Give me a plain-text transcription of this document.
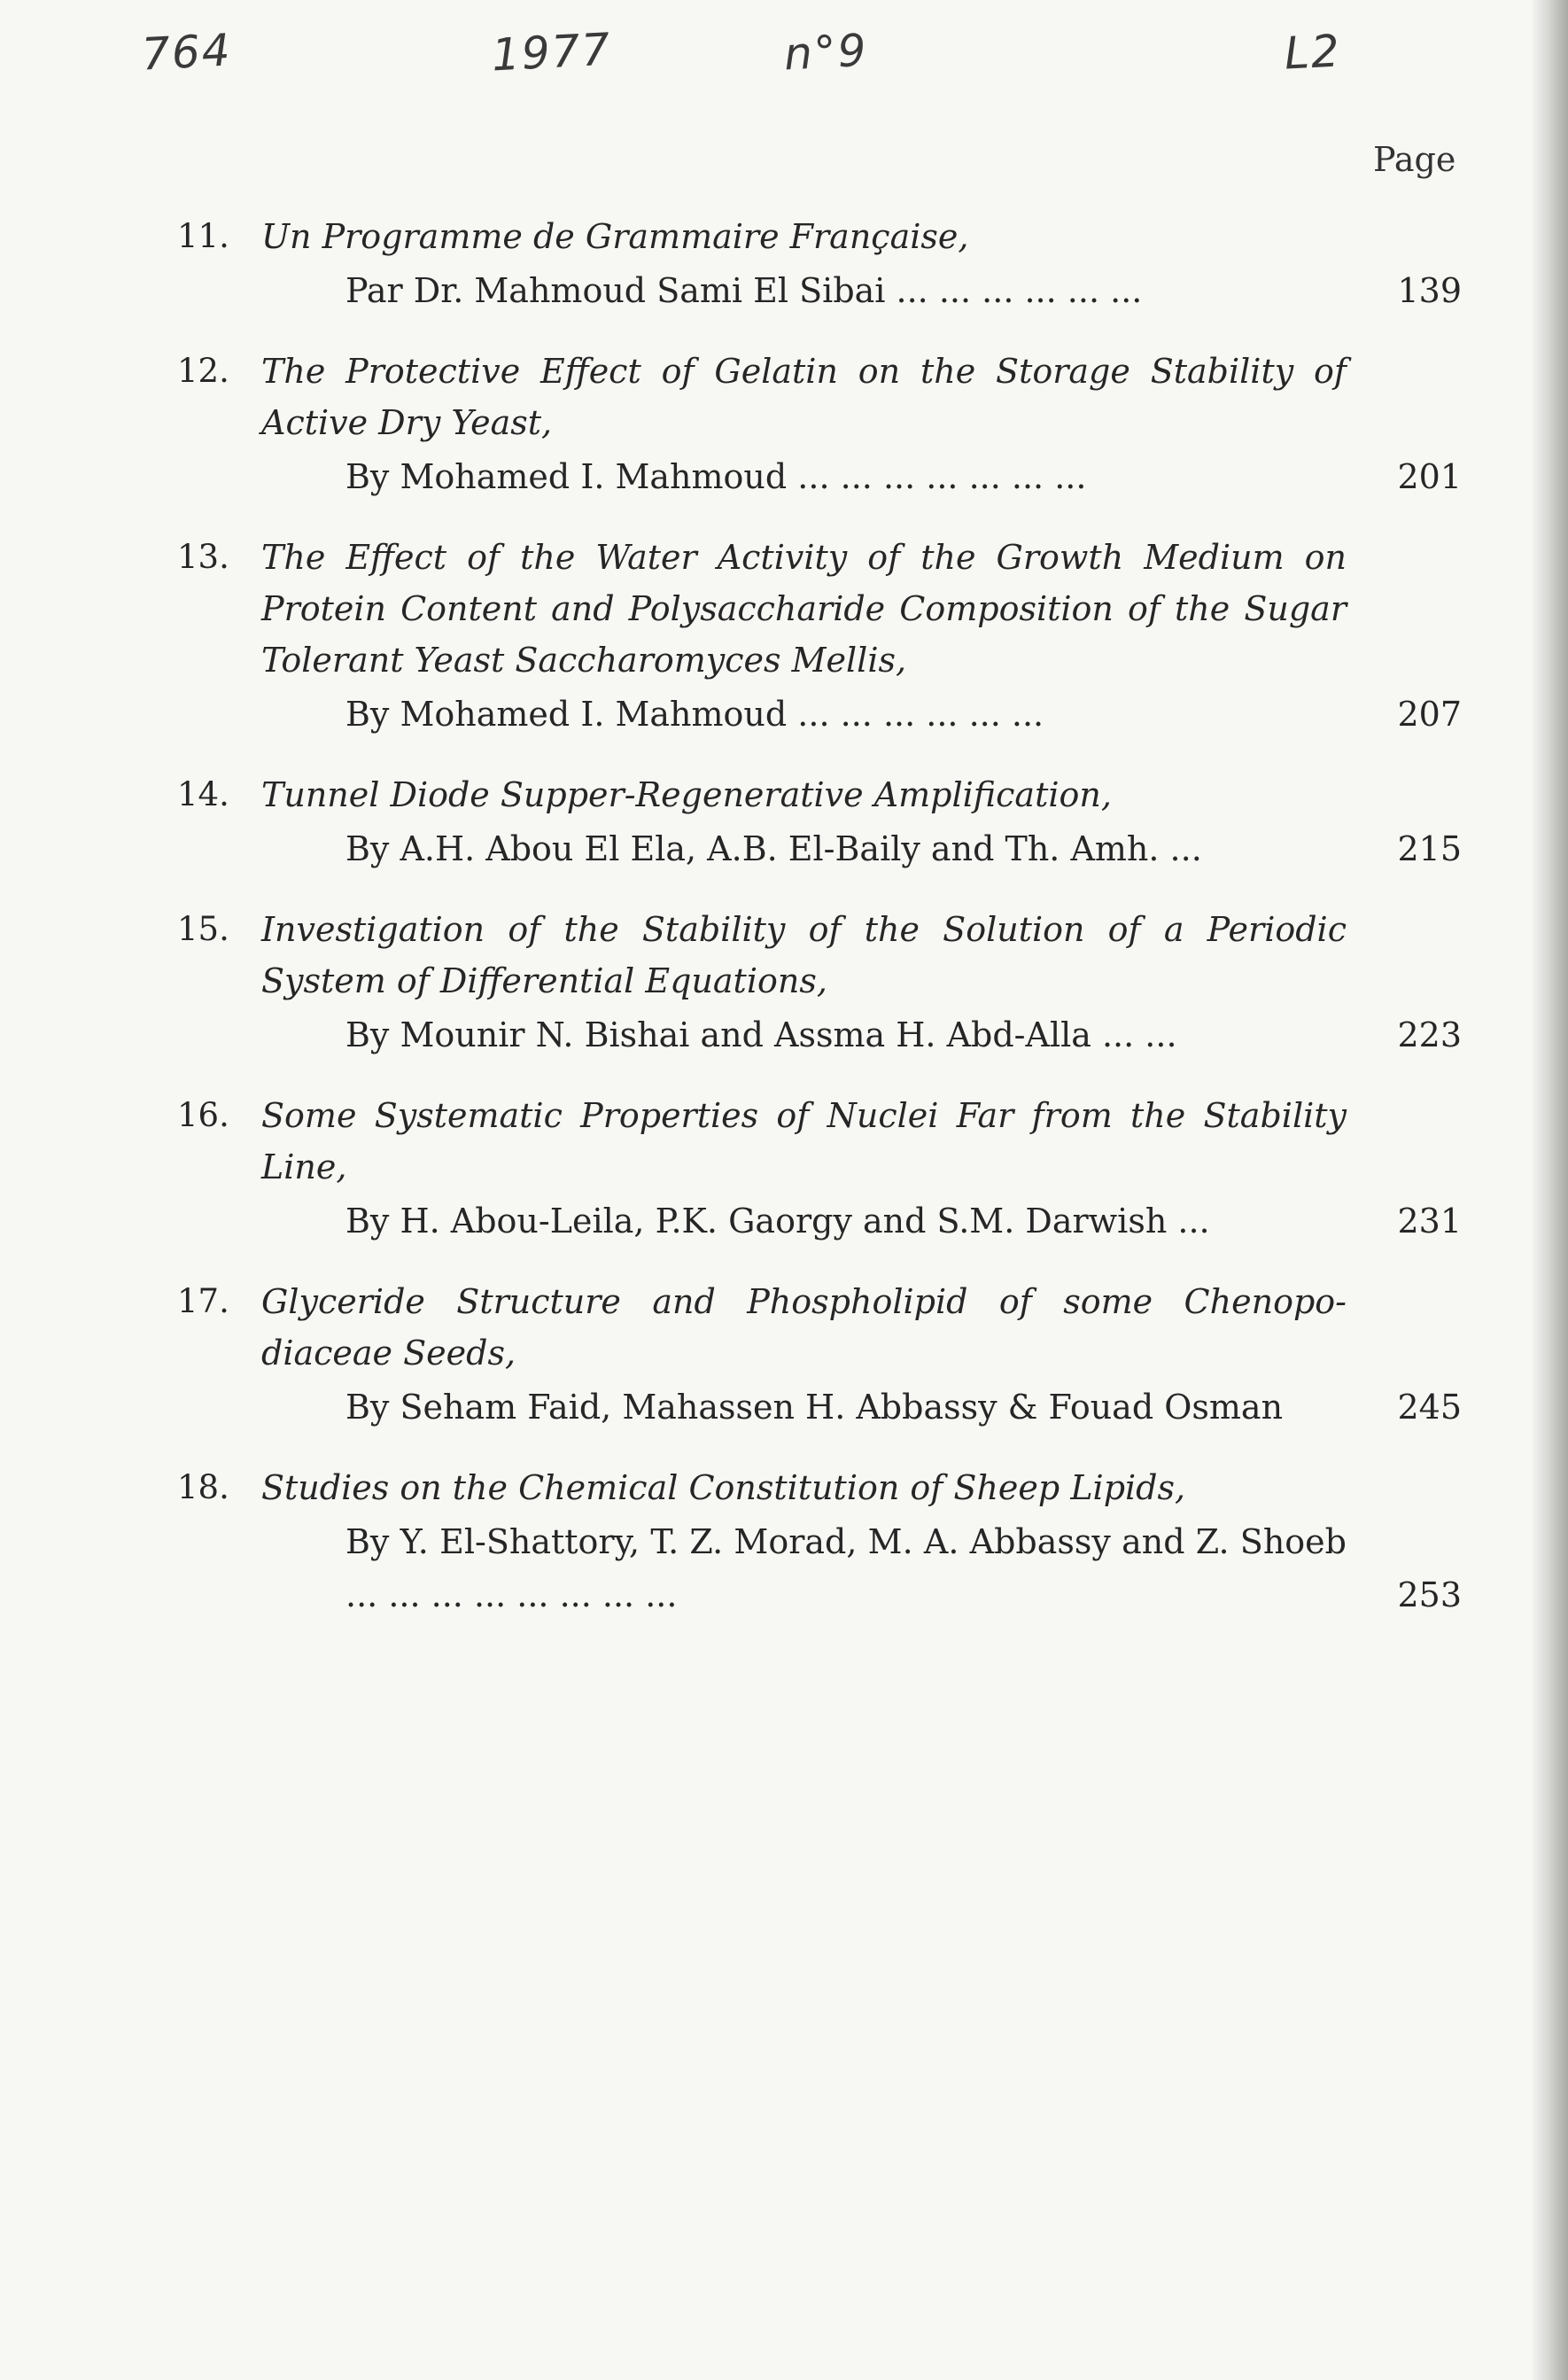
764	1977	n°9	L2
Page
11. Un Programme de Grammaire Française,
Par Dr. Mahmoud Sami El Sibai ... ... ... ... ... ...	139
12. The Protective Effect of Gelatin on the Storage Stability of Active Dry Yeast,
By Mohamed I. Mahmoud ... ... ... ... ... ... ...	201
13. The Effect of the Water Activity of the Growth Medium on Protein Content and Polysaccharide Composition of the Sugar Tolerant Yeast Saccharomyces Mellis,
By Mohamed I. Mahmoud ... ... ... ... ... ...	207
14. Tunnel Diode Supper-Regenerative Amplification,
By A.H. Abou El Ela, A.B. El-Baily and Th. Amh. ...	215
15. Investigation of the Stability of the Solution of a Periodic System of Differential Equations,
By Mounir N. Bishai and Assma H. Abd-Alla ... ...	223
16. Some Systematic Properties of Nuclei Far from the Stability Line,
By H. Abou-Leila, P.K. Gaorgy and S.M. Darwish ...	231
17. Glyceride Structure and Phospholipid of some Chenopo- diaceae Seeds,
By Seham Faid, Mahassen H. Abbassy & Fouad Osman	245
18. Studies on the Chemical Constitution of Sheep Lipids,
By Y. El-Shattory, T. Z. Morad, M. A. Abbassy and Z. Shoeb ... ... ... ... ... ... ... ...	253
